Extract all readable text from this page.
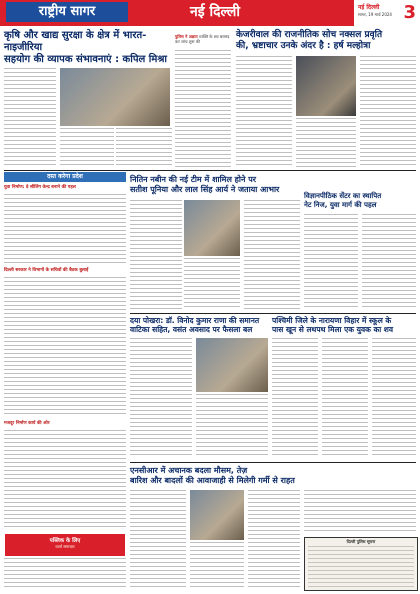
राष्ट्रीय सागर	नई दिल्ली	नई दिल्ली
सागर, 19 मार्च 2024 3
कृषि और खाद्य सुरक्षा के क्षेत्र में भारत-नाइजीरिया
सहयोग की व्यापक संभावनाएं : कपिल मिश्रा
पुलिस ने अज्ञात व्यक्ति के शव बरामद कर जांच शुरू की
केजरीवाल की राजनीतिक सोच नक्सल प्रवृति
की, भ्रष्टाचार उनके अंदर है : हर्ष मल्होत्रा
दस्त करेगा प्रदेश
युवा निर्माण: डे सीलिंग केन्द्र बनाने की पहल
दिल्ली सरकार ने विभागों के सचिवों की बैठक बुलाई
मजदूर निर्माण कार्य की ओर
नितिन नबीन की नई टीम में शामिल होने पर
सतीश पूनिया और लाल सिंह आर्य ने जताया आभार
विज्ञानपीठिक सेंटर का स्थापित
नेट निज, युवा मार्ग की पहल
दया पोखरा: डॉ. विनोद कुमार राणा की समानत
वाटिका सहित, वसंत अवसाद पर फैसला बल
पश्चिमी जिले के नारायणा विहार में स्कूल के
पास खून से लथपथ मिला एक युवक का शव
एनसीआर में अचानक बदला मौसम, तेज़
बारिश और बादलों की आवाजाही से मिलेगी गर्मी से राहत
पब्लिक के लिए
वार्ता समाचार
दिल्ली पुलिस सूचना
